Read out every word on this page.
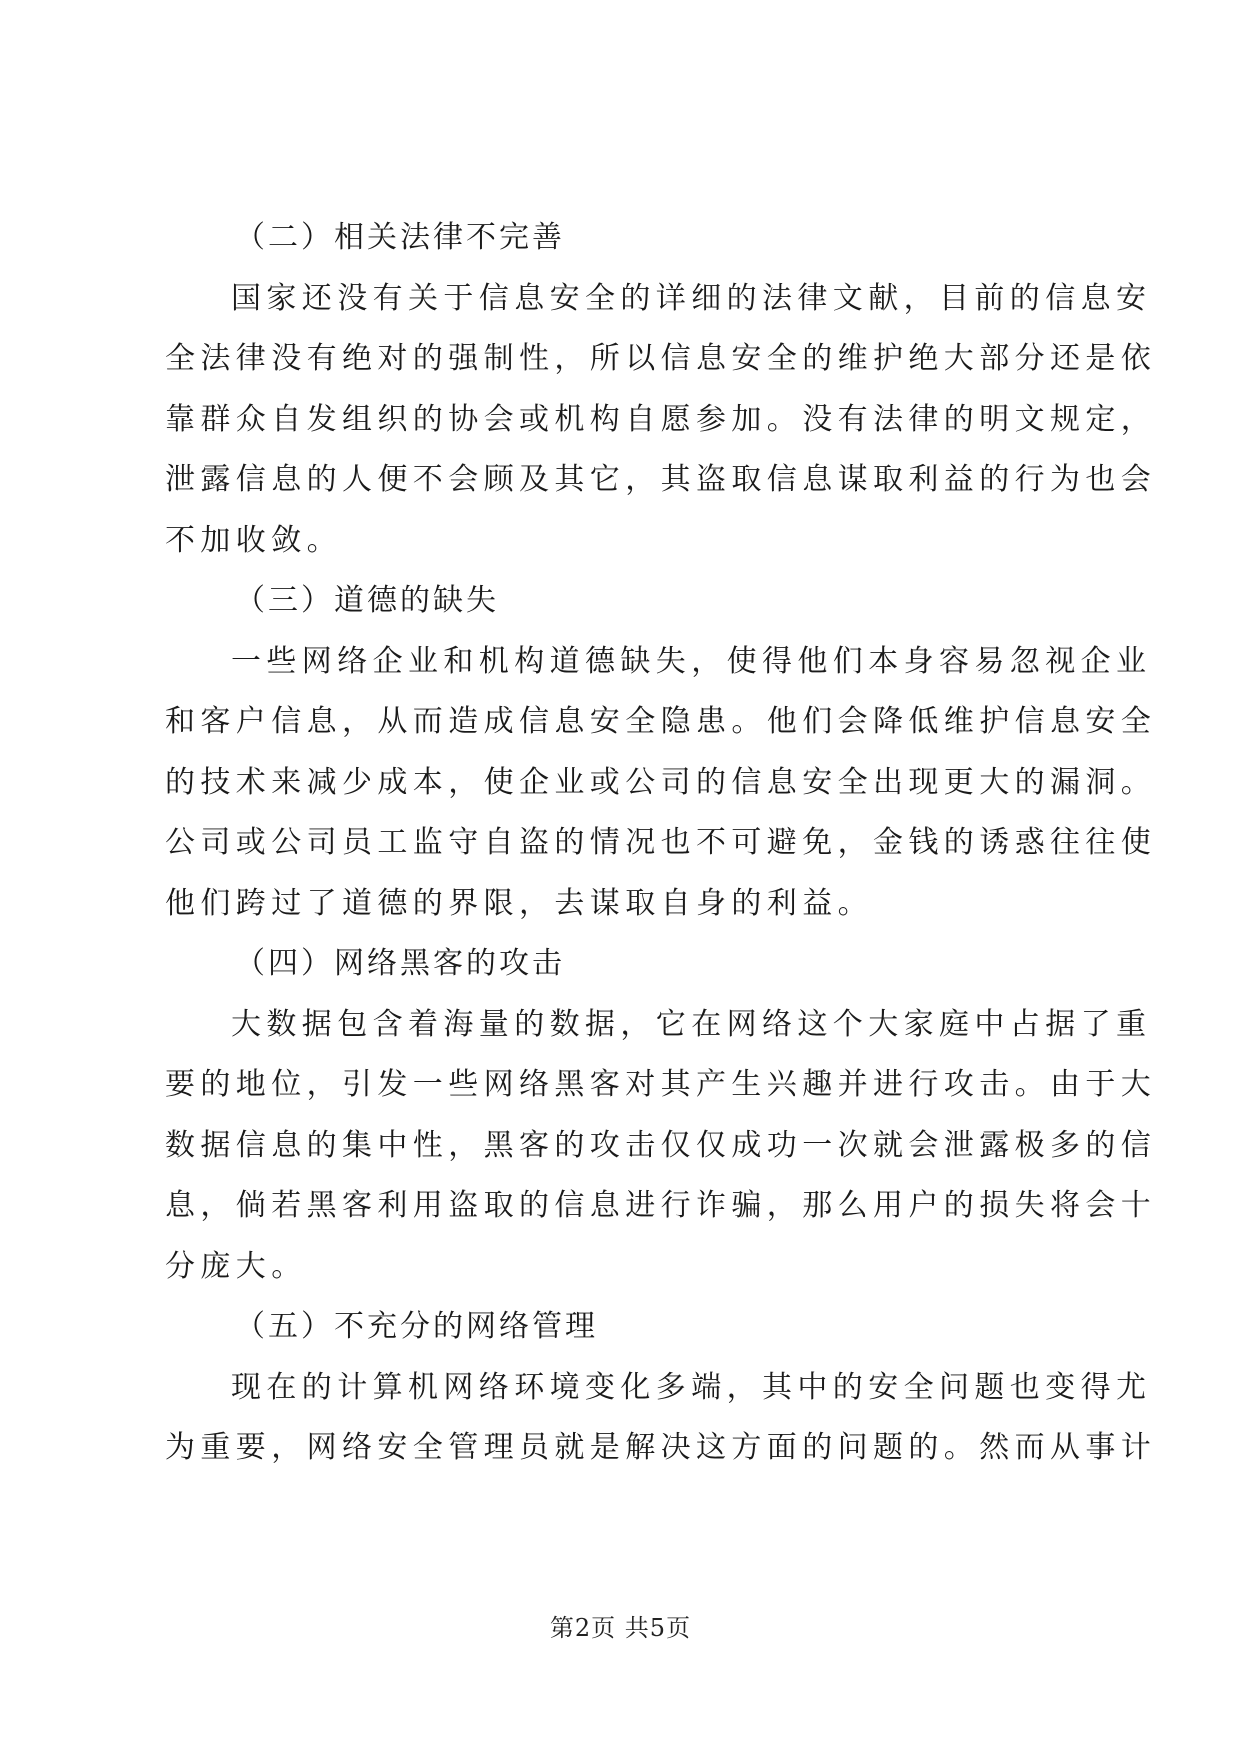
（二）相关法律不完善
国家还没有关于信息安全的详细的法律文献，目前的信息安
全法律没有绝对的强制性，所以信息安全的维护绝大部分还是依
靠群众自发组织的协会或机构自愿参加。没有法律的明文规定，
泄露信息的人便不会顾及其它，其盗取信息谋取利益的行为也会
不加收敛。
（三）道德的缺失
一些网络企业和机构道德缺失，使得他们本身容易忽视企业
和客户信息，从而造成信息安全隐患。他们会降低维护信息安全
的技术来减少成本，使企业或公司的信息安全出现更大的漏洞。
公司或公司员工监守自盗的情况也不可避免，金钱的诱惑往往使
他们跨过了道德的界限，去谋取自身的利益。
（四）网络黑客的攻击
大数据包含着海量的数据，它在网络这个大家庭中占据了重
要的地位，引发一些网络黑客对其产生兴趣并进行攻击。由于大
数据信息的集中性，黑客的攻击仅仅成功一次就会泄露极多的信
息，倘若黑客利用盗取的信息进行诈骗，那么用户的损失将会十
分庞大。
（五）不充分的网络管理
现在的计算机网络环境变化多端，其中的安全问题也变得尤
为重要，网络安全管理员就是解决这方面的问题的。然而从事计
第2页 共5页
